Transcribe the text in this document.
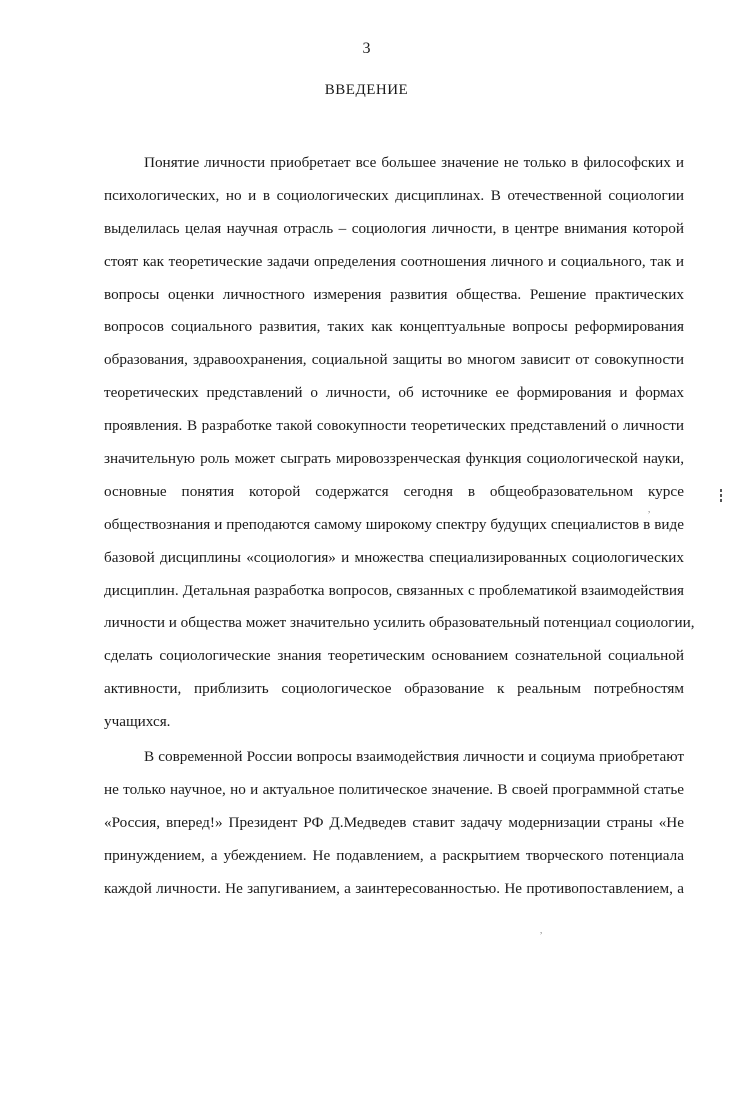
3
ВВЕДЕНИЕ
Понятие личности приобретает все большее значение не только в философских и
психологических, но и в социологических дисциплинах. В отечественной социологии
выделилась целая научная отрасль – социология личности, в центре внимания которой
стоят как теоретические задачи определения соотношения личного и социального, так и
вопросы оценки личностного измерения развития общества. Решение практических
вопросов социального развития, таких как концептуальные вопросы реформирования
образования, здравоохранения, социальной защиты во многом зависит от совокупности
теоретических представлений о личности, об источнике ее формирования и формах
проявления. В разработке такой совокупности теоретических представлений о личности
значительную роль может сыграть мировоззренческая функция социологической науки,
основные понятия которой содержатся сегодня в общеобразовательном курсе
обществознания и преподаются самому широкому спектру будущих специалистов в виде
базовой дисциплины «социология» и множества специализированных социологических
дисциплин. Детальная разработка вопросов, связанных с проблематикой взаимодействия
личности и общества может значительно усилить образовательный потенциал социологии,
сделать социологические знания теоретическим основанием сознательной социальной
активности, приблизить социологическое образование к реальным потребностям
учащихся.
В современной России вопросы взаимодействия личности и социума приобретают
не только научное, но и актуальное политическое значение. В своей программной статье
«Россия, вперед!» Президент РФ Д.Медведев ставит задачу модернизации страны «Не
принуждением, а убеждением. Не подавлением, а раскрытием творческого потенциала
каждой личности. Не запугиванием, а заинтересованностью. Не противопоставлением, а
,
,
